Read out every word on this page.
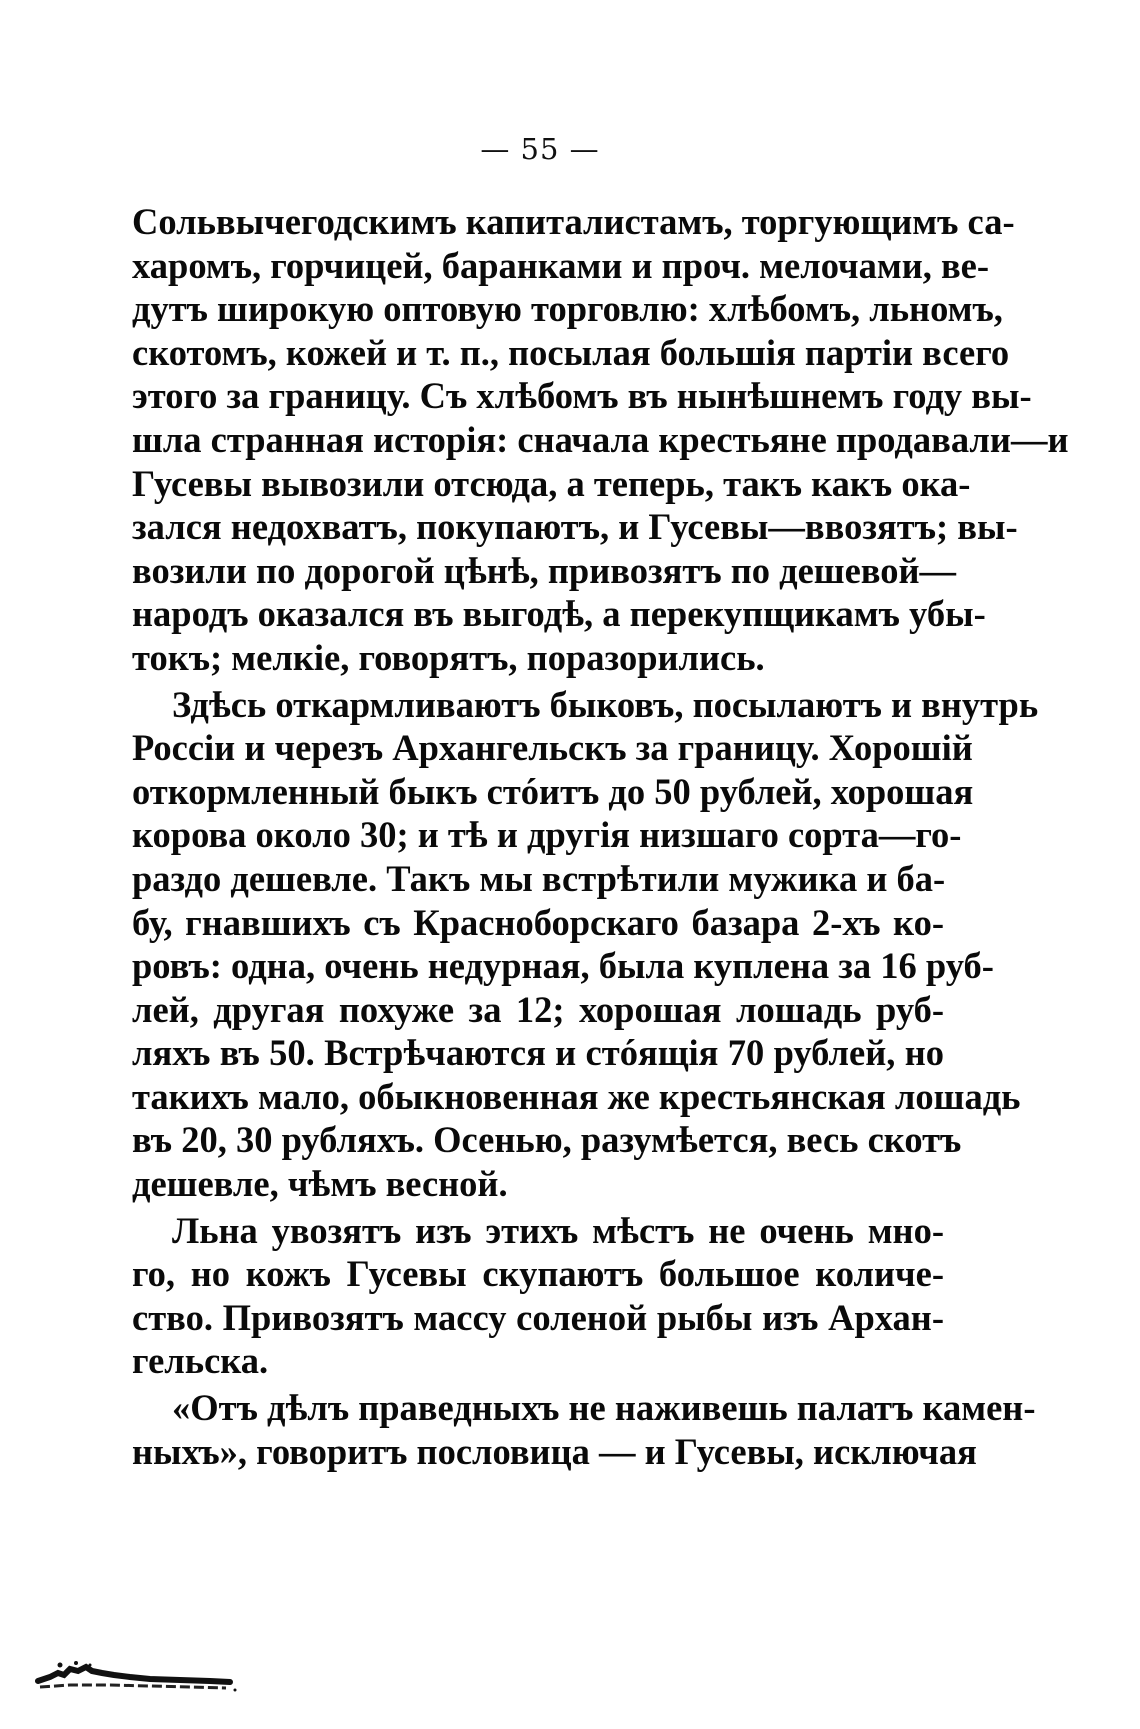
— 55 —
Сольвычегодскимъ капиталистамъ, торгующимъ са-
харомъ, горчицей, баранками и проч. мелочами, ве-
дутъ широкую оптовую торговлю: хлѣбомъ, льномъ,
скотомъ, кожей и т. п., посылая большія партіи всего
этого за границу. Съ хлѣбомъ въ нынѣшнемъ году вы-
шла странная исторія: сначала крестьяне продавали—и
Гусевы вывозили отсюда, а теперь, такъ какъ ока-
зался недохватъ, покупаютъ, и Гусевы—ввозятъ; вы-
возили по дорогой цѣнѣ, привозятъ по дешевой—
народъ оказался въ выгодѣ, а перекупщикамъ убы-
токъ; мелкіе, говорятъ, поразорились.
Здѣсь откармливаютъ быковъ, посылаютъ и внутрь
Россіи и черезъ Архангельскъ за границу. Хорошій
откормленный быкъ стóитъ до 50 рублей, хорошая
корова около 30; и тѣ и другія низшаго сорта—го-
раздо дешевле. Такъ мы встрѣтили мужика и ба-
бу, гнавшихъ съ Красноборскаго базара 2-хъ ко-
ровъ: одна, очень недурная, была куплена за 16 руб-
лей, другая похуже за 12; хорошая лошадь руб-
ляхъ въ 50. Встрѣчаются и стóящія 70 рублей, но
такихъ мало, обыкновенная же крестьянская лошадь
въ 20, 30 рубляхъ. Осенью, разумѣется, весь скотъ
дешевле, чѣмъ весной.
Льна увозятъ изъ этихъ мѣстъ не очень мно-
го, но кожъ Гусевы скупаютъ большое количе-
ство. Привозятъ массу соленой рыбы изъ Архан-
гельска.
«Отъ дѣлъ праведныхъ не наживешь палатъ камен-
ныхъ», говоритъ пословица — и Гусевы, исключая
